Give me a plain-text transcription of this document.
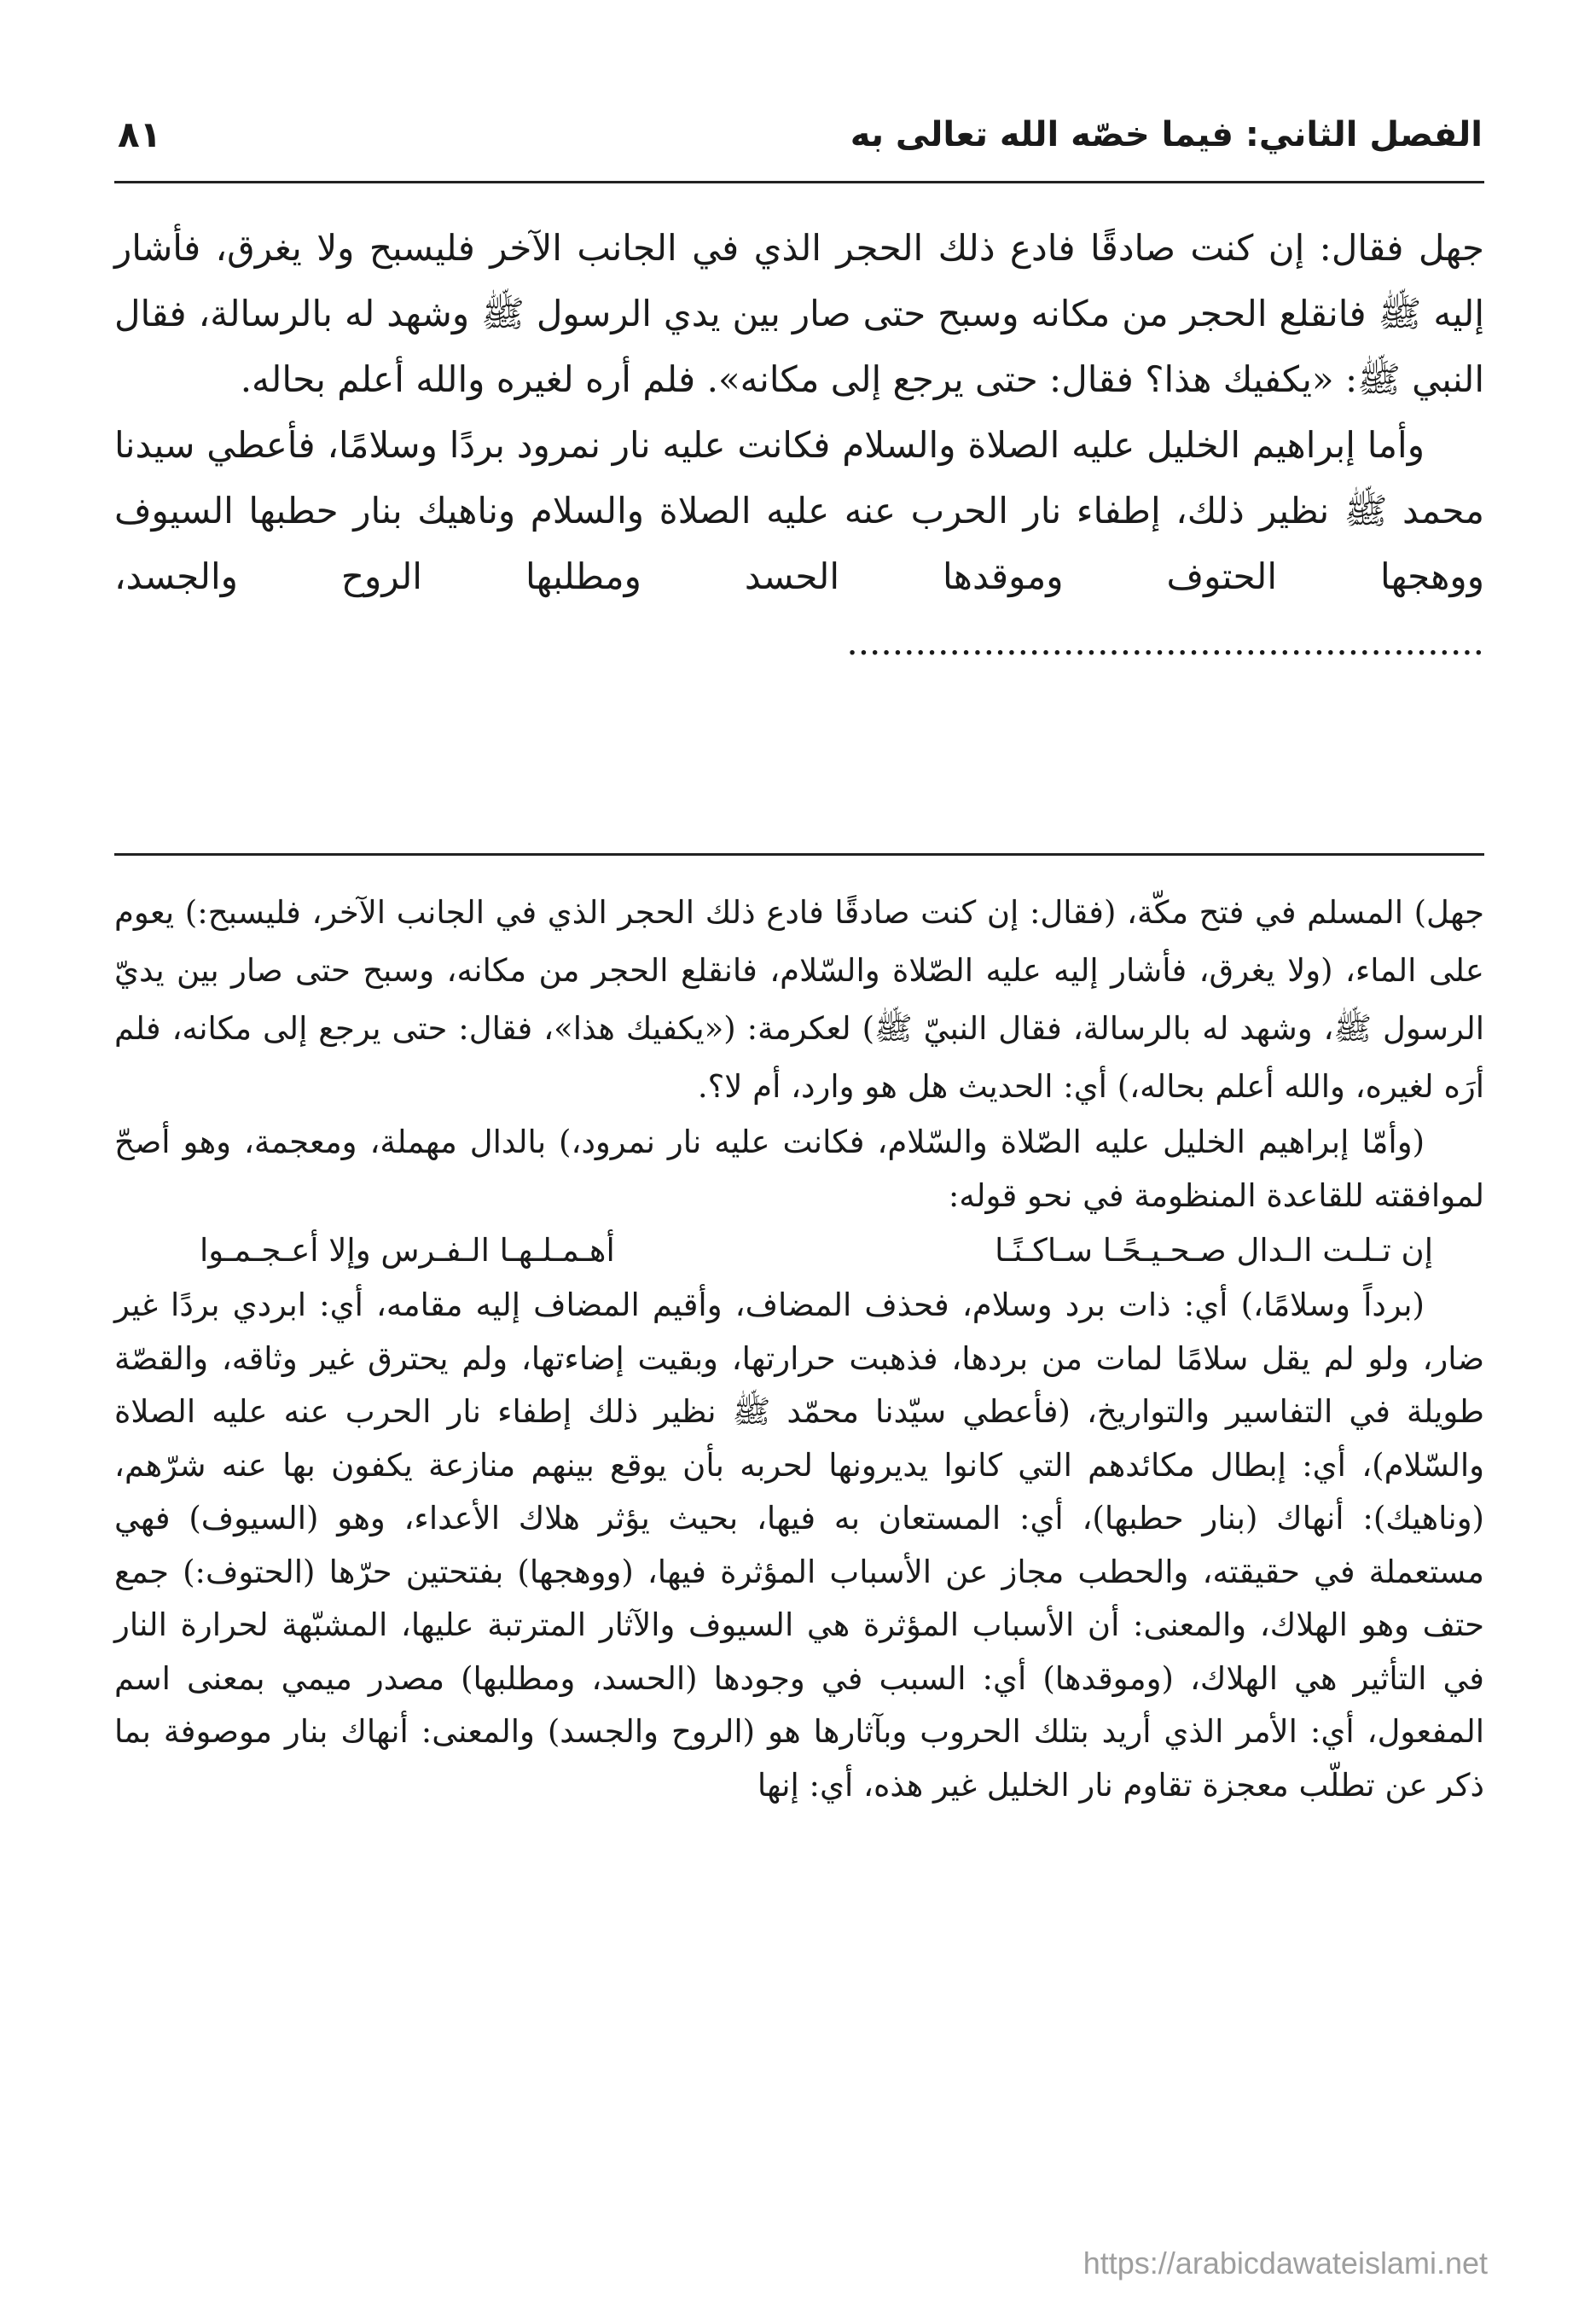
الفصل الثاني: فيما خصّه الله تعالى به
٨١

جهل فقال: إن كنت صادقًا فادع ذلك الحجر الذي في الجانب الآخر فليسبح ولا يغرق، فأشار إليه ﷺ فانقلع الحجر من مكانه وسبح حتى صار بين يدي الرسول ﷺ وشهد له بالرسالة، فقال النبي ﷺ: «يكفيك هذا؟ فقال: حتى يرجع إلى مكانه». فلم أره لغيره والله أعلم بحاله.

وأما إبراهيم الخليل عليه الصلاة والسلام فكانت عليه نار نمرود بردًا وسلامًا، فأعطي سيدنا محمد ﷺ نظير ذلك، إطفاء نار الحرب عنه عليه الصلاة والسلام وناهيك بنار حطبها السيوف ووهجها الحتوف وموقدها الحسد ومطلبها الروح والجسد، ........................................................

جهل) المسلم في فتح مكّة، (فقال: إن كنت صادقًا فادع ذلك الحجر الذي في الجانب الآخر، فليسبح:) يعوم على الماء، (ولا يغرق، فأشار إليه عليه الصّلاة والسّلام، فانقلع الحجر من مكانه، وسبح حتى صار بين يديّ الرسول ﷺ، وشهد له بالرسالة، فقال النبيّ ﷺ) لعكرمة: («يكفيك هذا»، فقال: حتى يرجع إلى مكانه، فلم أرَه لغيره، والله أعلم بحاله،) أي: الحديث هل هو وارد، أم لا؟.

(وأمّا إبراهيم الخليل عليه الصّلاة والسّلام، فكانت عليه نار نمرود،) بالدال مهملة، ومعجمة، وهو أصحّ لموافقته للقاعدة المنظومة في نحو قوله:

إن تـلـت الـدال صـحـيـحًـا سـاكـنًـا
أهـمـلـهـا الـفـرس وإلا أعـجـمـوا

(برداً وسلامًا،) أي: ذات برد وسلام، فحذف المضاف، وأقيم المضاف إليه مقامه، أي: ابردي بردًا غير ضار، ولو لم يقل سلامًا لمات من بردها، فذهبت حرارتها، وبقيت إضاءتها، ولم يحترق غير وثاقه، والقصّة طويلة في التفاسير والتواريخ، (فأعطي سيّدنا محمّد ﷺ نظير ذلك إطفاء نار الحرب عنه عليه الصلاة والسّلام)، أي: إبطال مكائدهم التي كانوا يديرونها لحربه بأن يوقع بينهم منازعة يكفون بها عنه شرّهم، (وناهيك): أنهاك (بنار حطبها)، أي: المستعان به فيها، بحيث يؤثر هلاك الأعداء، وهو (السيوف) فهي مستعملة في حقيقته، والحطب مجاز عن الأسباب المؤثرة فيها، (ووهجها) بفتحتين حرّها (الحتوف:) جمع حتف وهو الهلاك، والمعنى: أن الأسباب المؤثرة هي السيوف والآثار المترتبة عليها، المشبّهة لحرارة النار في التأثير هي الهلاك، (وموقدها) أي: السبب في وجودها (الحسد، ومطلبها) مصدر ميمي بمعنى اسم المفعول، أي: الأمر الذي أريد بتلك الحروب وبآثارها هو (الروح والجسد) والمعنى: أنهاك بنار موصوفة بما ذكر عن تطلّب معجزة تقاوم نار الخليل غير هذه، أي: إنها

https://arabicdawateislami.net
